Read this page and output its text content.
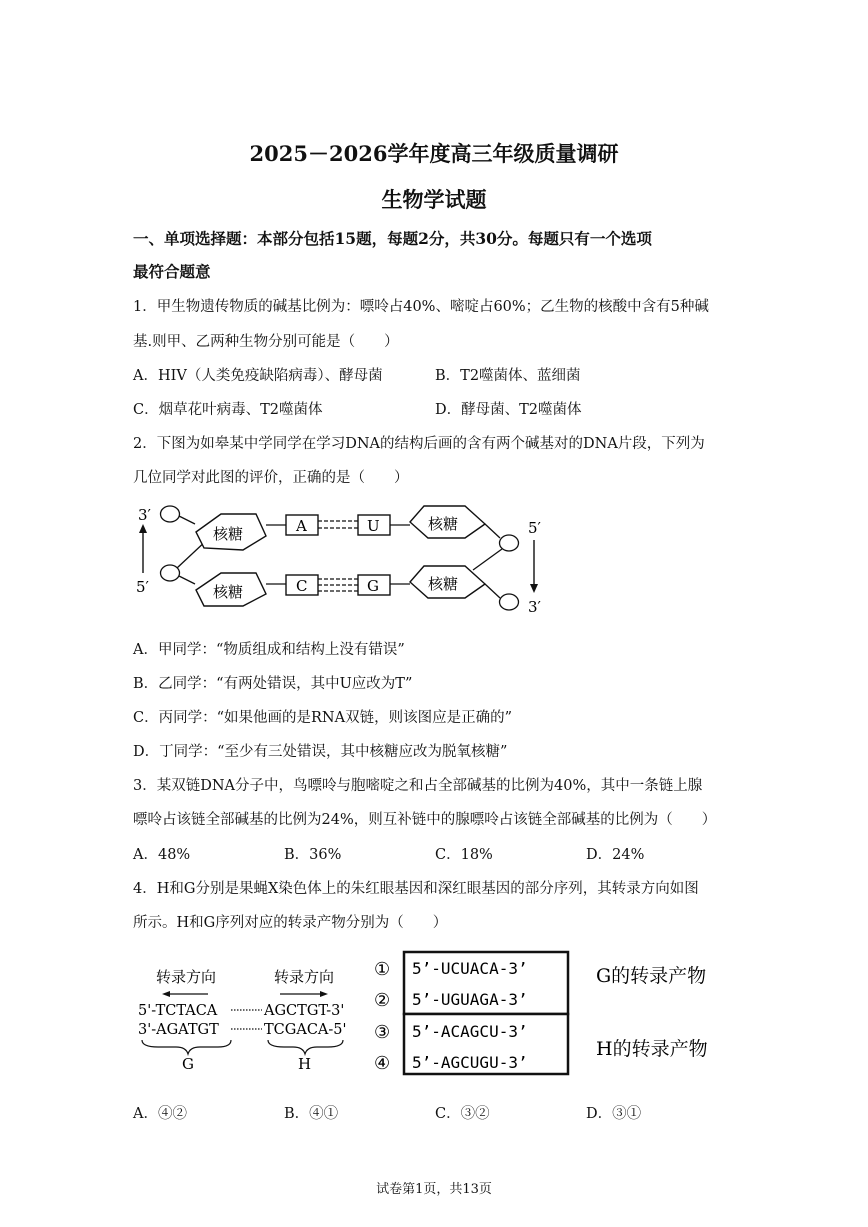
2025－2026学年度高三年级质量调研
生物学试题
一、单项选择题：本部分包括15题，每题2分，共30分。每题只有一个选项
最符合题意
1．甲生物遗传物质的碱基比例为：嘌呤占40%、嘧啶占60%；乙生物的核酸中含有5种碱
基.则甲、乙两种生物分别可能是（　　）
A．HIV（人类免疫缺陷病毒）、酵母菌	B．T2噬菌体、蓝细菌
C．烟草花叶病毒、T2噬菌体	D．酵母菌、T2噬菌体
2．下图为如皋某中学同学在学习DNA的结构后画的含有两个碱基对的DNA片段，下列为
几位同学对此图的评价，正确的是（　　）
3′
5′
核糖
核糖
A	U
C	G
核糖
核糖
5′
3′
A．甲同学：“物质组成和结构上没有错误”
B．乙同学：“有两处错误，其中U应改为T”
C．丙同学：“如果他画的是RNA双链，则该图应是正确的”
D．丁同学：“至少有三处错误，其中核糖应改为脱氧核糖”
3．某双链DNA分子中，鸟嘌呤与胞嘧啶之和占全部碱基的比例为40%，其中一条链上腺
嘌呤占该链全部碱基的比例为24%，则互补链中的腺嘌呤占该链全部碱基的比例为（　　）
A．48%	B．36%	C．18%	D．24%
4．H和G分别是果蝇X染色体上的朱红眼基因和深红眼基因的部分序列，其转录方向如图
所示。H和G序列对应的转录产物分别为（　　）
转录方向	转录方向
5'-TCTACA	AGCTGT-3'
3'-AGATGT	TCGACA-5'
G	H
①
②
③
④
5’-UCUACA-3’
5’-UGUAGA-3’
5’-ACAGCU-3’
5’-AGCUGU-3’
G的转录产物
H的转录产物
A．④②	B．④①	C．③②	D．③①
试卷第1页，共13页
